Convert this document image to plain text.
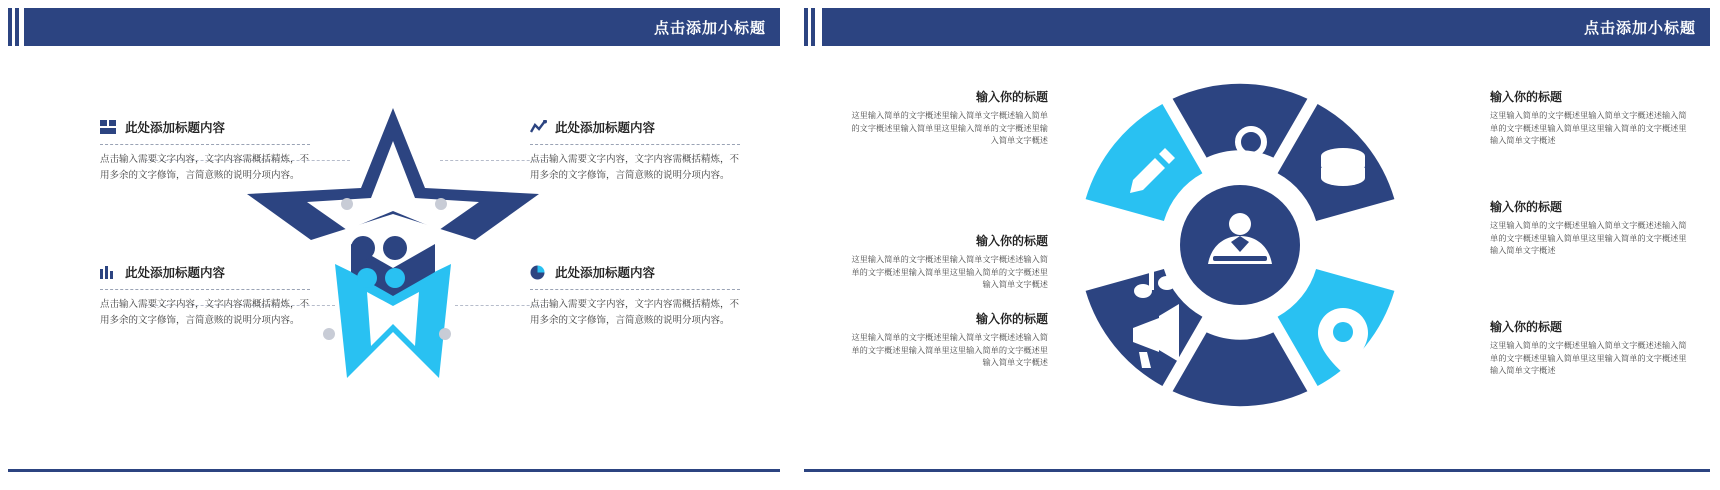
点击添加小标题
此处添加标题内容
点击输入需要文字内容，文字内容需概括精炼，不用多余的文字修饰，言简意赅的说明分项内容。
此处添加标题内容
点击输入需要文字内容，文字内容需概括精炼，不用多余的文字修饰，言简意赅的说明分项内容。
此处添加标题内容
点击输入需要文字内容，文字内容需概括精炼，不用多余的文字修饰，言简意赅的说明分项内容。
此处添加标题内容
点击输入需要文字内容，文字内容需概括精炼，不用多余的文字修饰，言简意赅的说明分项内容。
点击添加小标题
输入你的标题
这里输入简单的文字概述里输入简单文字概述输入简单的文字概述里输入简单里这里输入简单的文字概述里输入简单文字概述
输入你的标题
这里输入简单的文字概述里输入简单文字概述述输入简单的文字概述里输入简单里这里输入简单的文字概述里输入简单文字概述
输入你的标题
这里输入简单的文字概述里输入简单文字概述述输入简单的文字概述里输入简单里这里输入简单的文字概述里输入简单文字概述
输入你的标题
这里输入简单的文字概述里输入简单文字概述述输入简单的文字概述里输入简单里这里输入简单的文字概述里输入简单文字概述
输入你的标题
这里输入简单的文字概述里输入简单文字概述述输入简单的文字概述里输入简单里这里输入简单的文字概述里输入简单文字概述
输入你的标题
这里输入简单的文字概述里输入简单文字概述述输入简单的文字概述里输入简单里这里输入简单的文字概述里输入简单文字概述
